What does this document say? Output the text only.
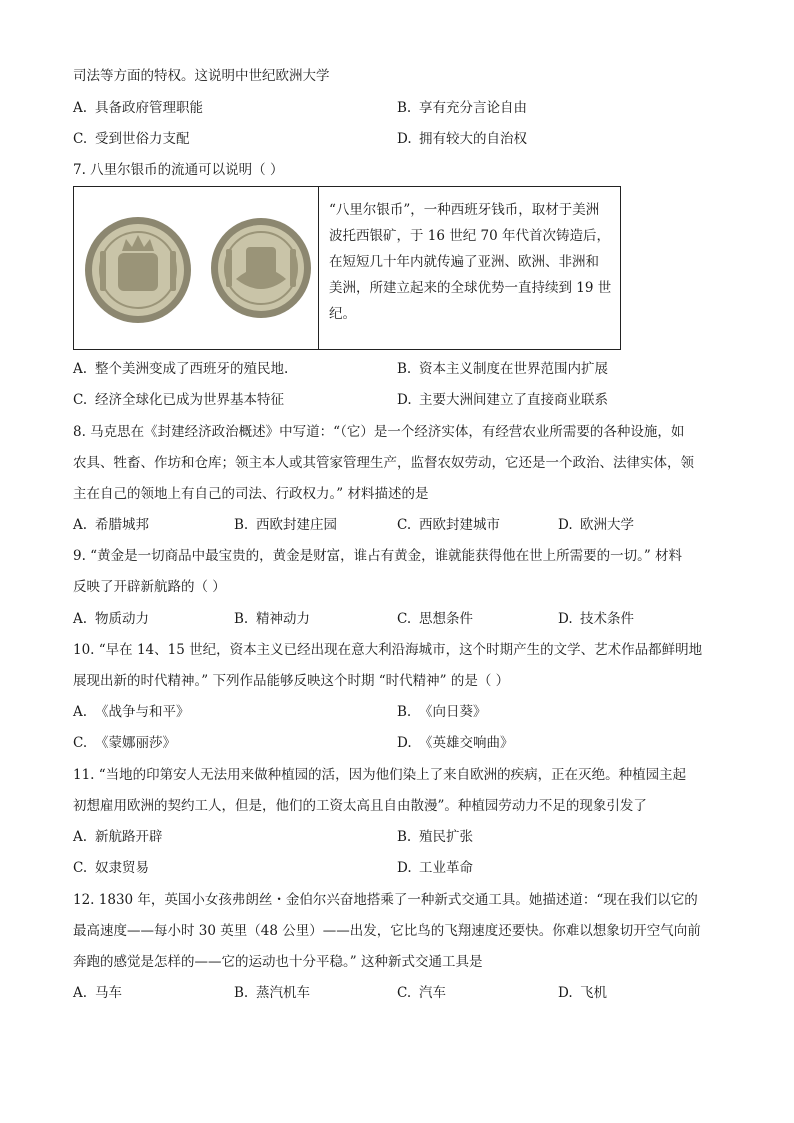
司法等方面的特权。这说明中世纪欧洲大学
A. 具备政府管理职能	B. 享有充分言论自由
C. 受到世俗力支配	D. 拥有较大的自治权
7. 八里尔银币的流通可以说明（ ）

“八里尔银币”，一种西班牙钱币，取材于美洲

波托西银矿，于 16 世纪 70 年代首次铸造后，

在短短几十年内就传遍了亚洲、欧洲、非洲和

美洲，所建立起来的全球优势一直持续到 19 世

纪。

A. 整个美洲变成了西班牙的殖民地.	B. 资本主义制度在世界范围内扩展
C. 经济全球化已成为世界基本特征	D. 主要大洲间建立了直接商业联系
8. 马克思在《封建经济政治概述》中写道：“（它）是一个经济实体，有经营农业所需要的各种设施，如
农具、牲畜、作坊和仓库；领主本人或其管家管理生产，监督农奴劳动，它还是一个政治、法律实体，领
主在自己的领地上有自己的司法、行政权力。” 材料描述的是
A. 希腊城邦	B. 西欧封建庄园	C. 西欧封建城市	D. 欧洲大学
9. “黄金是一切商品中最宝贵的，黄金是财富，谁占有黄金，谁就能获得他在世上所需要的一切。” 材料
反映了开辟新航路的（ ）
A. 物质动力	B. 精神动力	C. 思想条件	D. 技术条件
10. “早在 14、15 世纪，资本主义已经出现在意大利沿海城市，这个时期产生的文学、艺术作品都鲜明地
展现出新的时代精神。” 下列作品能够反映这个时期 “时代精神” 的是（ ）
A. 《战争与和平》	B. 《向日葵》
C. 《蒙娜丽莎》	D. 《英雄交响曲》
11. “当地的印第安人无法用来做种植园的活，因为他们染上了来自欧洲的疾病，正在灭绝。种植园主起
初想雇用欧洲的契约工人，但是，他们的工资太高且自由散漫”。种植园劳动力不足的现象引发了
A. 新航路开辟	B. 殖民扩张
C. 奴隶贸易	D. 工业革命
12. 1830 年，英国小女孩弗朗丝・金伯尔兴奋地搭乘了一种新式交通工具。她描述道：“现在我们以它的
最高速度——每小时 30 英里（48 公里）——出发，它比鸟的飞翔速度还要快。你难以想象切开空气向前
奔跑的感觉是怎样的——它的运动也十分平稳。” 这种新式交通工具是
A. 马车	B. 蒸汽机车	C. 汽车	D. 飞机
